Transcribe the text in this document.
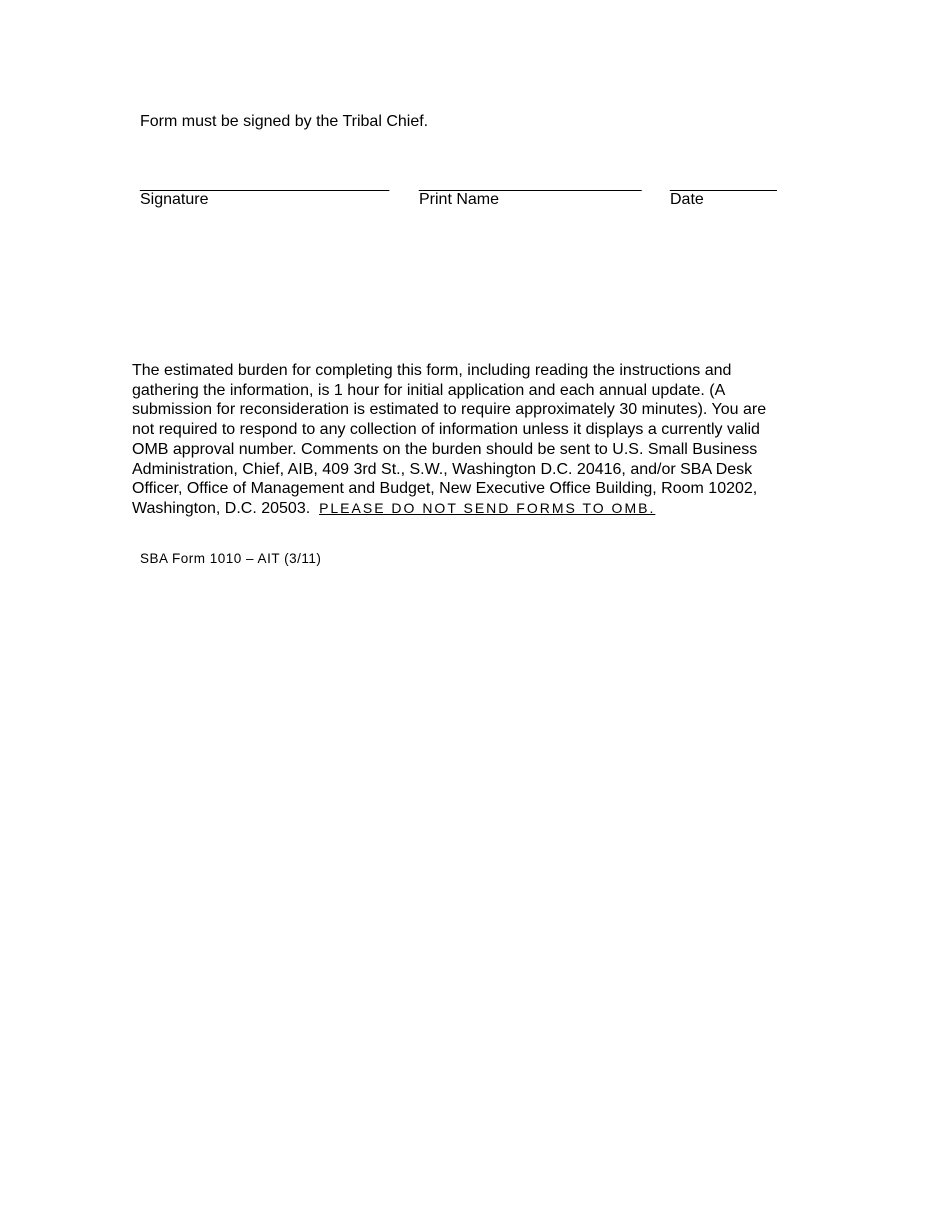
Form must be signed by the Tribal Chief.
____________________________
Signature
_________________________
Print Name
____________
Date
The estimated burden for completing this form, including reading the instructions and
gathering the information, is 1 hour for initial application and each annual update. (A
submission for reconsideration is estimated to require approximately 30 minutes). You are
not required to respond to any collection of information unless it displays a currently valid
OMB approval number. Comments on the burden should be sent to U.S. Small Business
Administration, Chief, AIB, 409 3rd St., S.W., Washington D.C. 20416, and/or SBA Desk
Officer, Office of Management and Budget, New Executive Office Building, Room 10202,
Washington, D.C. 20503.  PLEASE DO NOT SEND FORMS TO OMB.
SBA Form 1010 – AIT (3/11)
